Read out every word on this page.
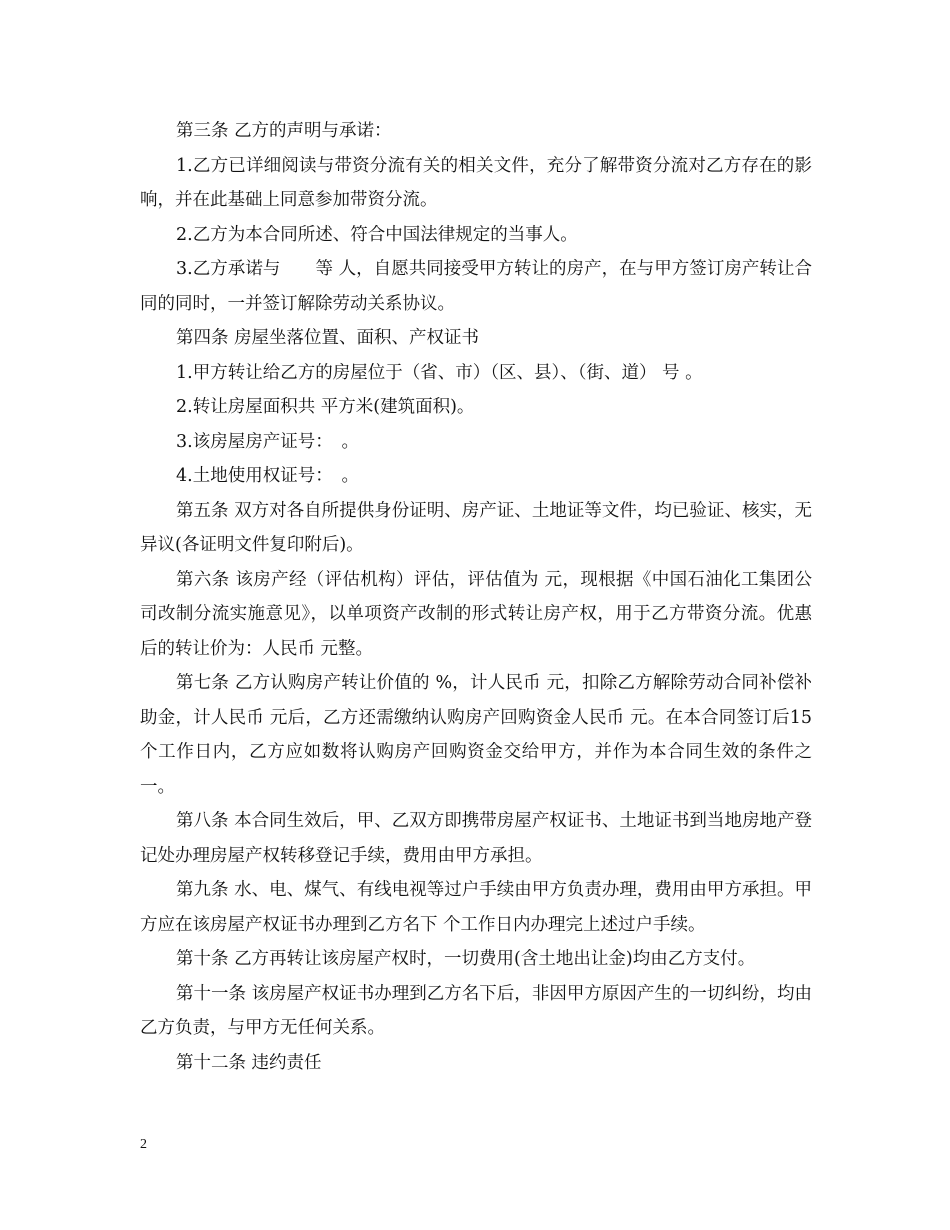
第三条 乙方的声明与承诺：

1.乙方已详细阅读与带资分流有关的相关文件，充分了解带资分流对乙方存在的影响，并在此基础上同意参加带资分流。

2.乙方为本合同所述、符合中国法律规定的当事人。

3.乙方承诺与　　等 人，自愿共同接受甲方转让的房产，在与甲方签订房产转让合同的同时，一并签订解除劳动关系协议。

第四条 房屋坐落位置、面积、产权证书

1.甲方转让给乙方的房屋位于（省、市）（区、县）、（街、道） 号 。

2.转让房屋面积共 平方米(建筑面积)。

3.该房屋房产证号：　。

4.土地使用权证号：　。

第五条 双方对各自所提供身份证明、房产证、土地证等文件，均已验证、核实，无异议(各证明文件复印附后)。

第六条 该房产经（评估机构）评估，评估值为 元，现根据《中国石油化工集团公司改制分流实施意见》，以单项资产改制的形式转让房产权，用于乙方带资分流。优惠后的转让价为：人民币 元整。

第七条 乙方认购房产转让价值的 %，计人民币 元，扣除乙方解除劳动合同补偿补助金，计人民币 元后，乙方还需缴纳认购房产回购资金人民币 元。在本合同签订后15个工作日内，乙方应如数将认购房产回购资金交给甲方，并作为本合同生效的条件之一。

第八条 本合同生效后，甲、乙双方即携带房屋产权证书、土地证书到当地房地产登记处办理房屋产权转移登记手续，费用由甲方承担。

第九条 水、电、煤气、有线电视等过户手续由甲方负责办理，费用由甲方承担。甲方应在该房屋产权证书办理到乙方名下 个工作日内办理完上述过户手续。

第十条 乙方再转让该房屋产权时，一切费用(含土地出让金)均由乙方支付。

第十一条 该房屋产权证书办理到乙方名下后，非因甲方原因产生的一切纠纷，均由乙方负责，与甲方无任何关系。

第十二条 违约责任

2
